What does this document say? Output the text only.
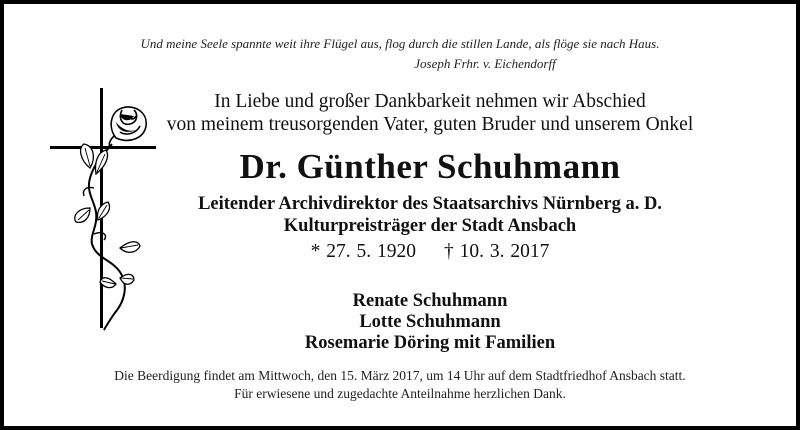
Und meine Seele spannte weit ihre Flügel aus, flog durch die stillen Lande, als flöge sie nach Haus.
Joseph Frhr. v. Eichendorff
In Liebe und großer Dankbarkeit nehmen wir Abschied
von meinem treusorgenden Vater, guten Bruder und unserem Onkel
Dr. Günther Schuhmann
Leitender Archivdirektor des Staatsarchivs Nürnberg a. D.
Kulturpreisträger der Stadt Ansbach
* 27. 5. 1920 † 10. 3. 2017
Renate Schuhmann
Lotte Schuhmann
Rosemarie Döring mit Familien
Die Beerdigung findet am Mittwoch, den 15. März 2017, um 14 Uhr auf dem Stadtfriedhof Ansbach statt.
Für erwiesene und zugedachte Anteilnahme herzlichen Dank.
